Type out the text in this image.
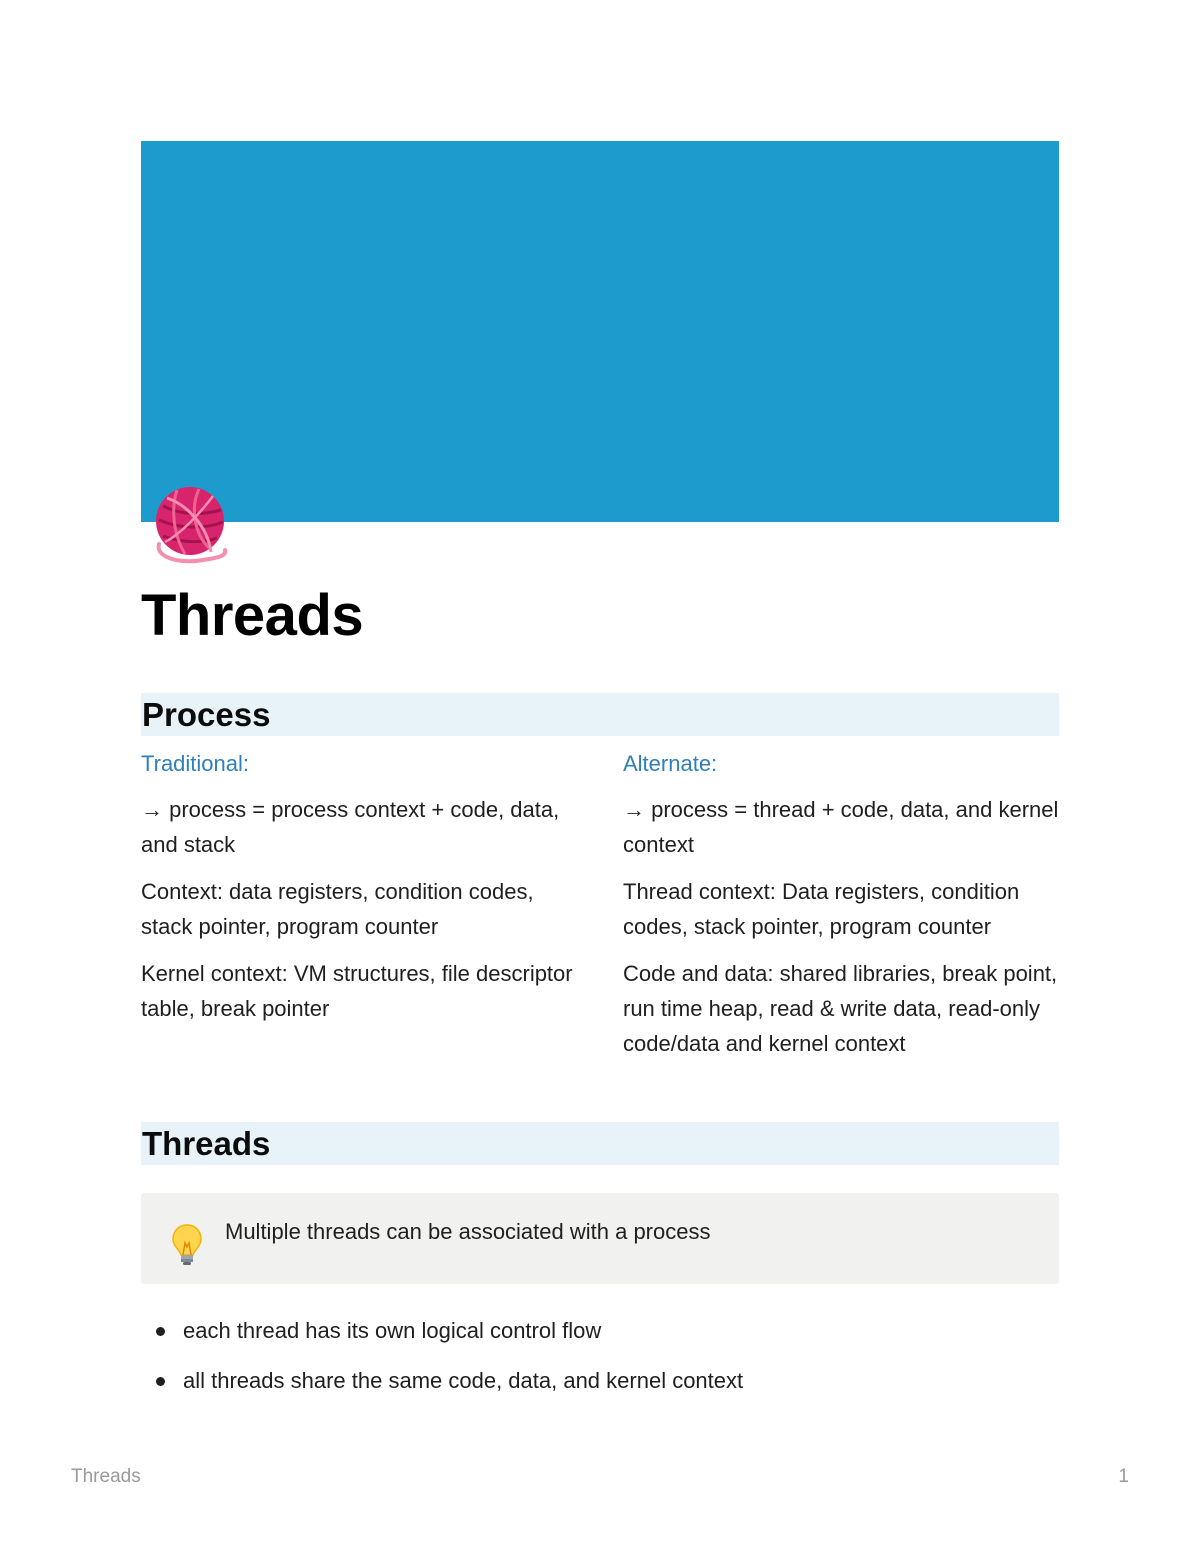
Threads
Process

Traditional:

→ process = process context + code, data, and stack

Context: data registers, condition codes, stack pointer, program counter

Kernel context: VM structures, file descriptor table, break pointer

Alternate:

→ process = thread + code, data, and kernel context

Thread context: Data registers, condition codes, stack pointer, program counter

Code and data: shared libraries, break point, run time heap, read & write data, read-only code/data and kernel context

Threads
Multiple threads can be associated with a process
each thread has its own logical control flow
all threads share the same code, data, and kernel context
Threads	1
